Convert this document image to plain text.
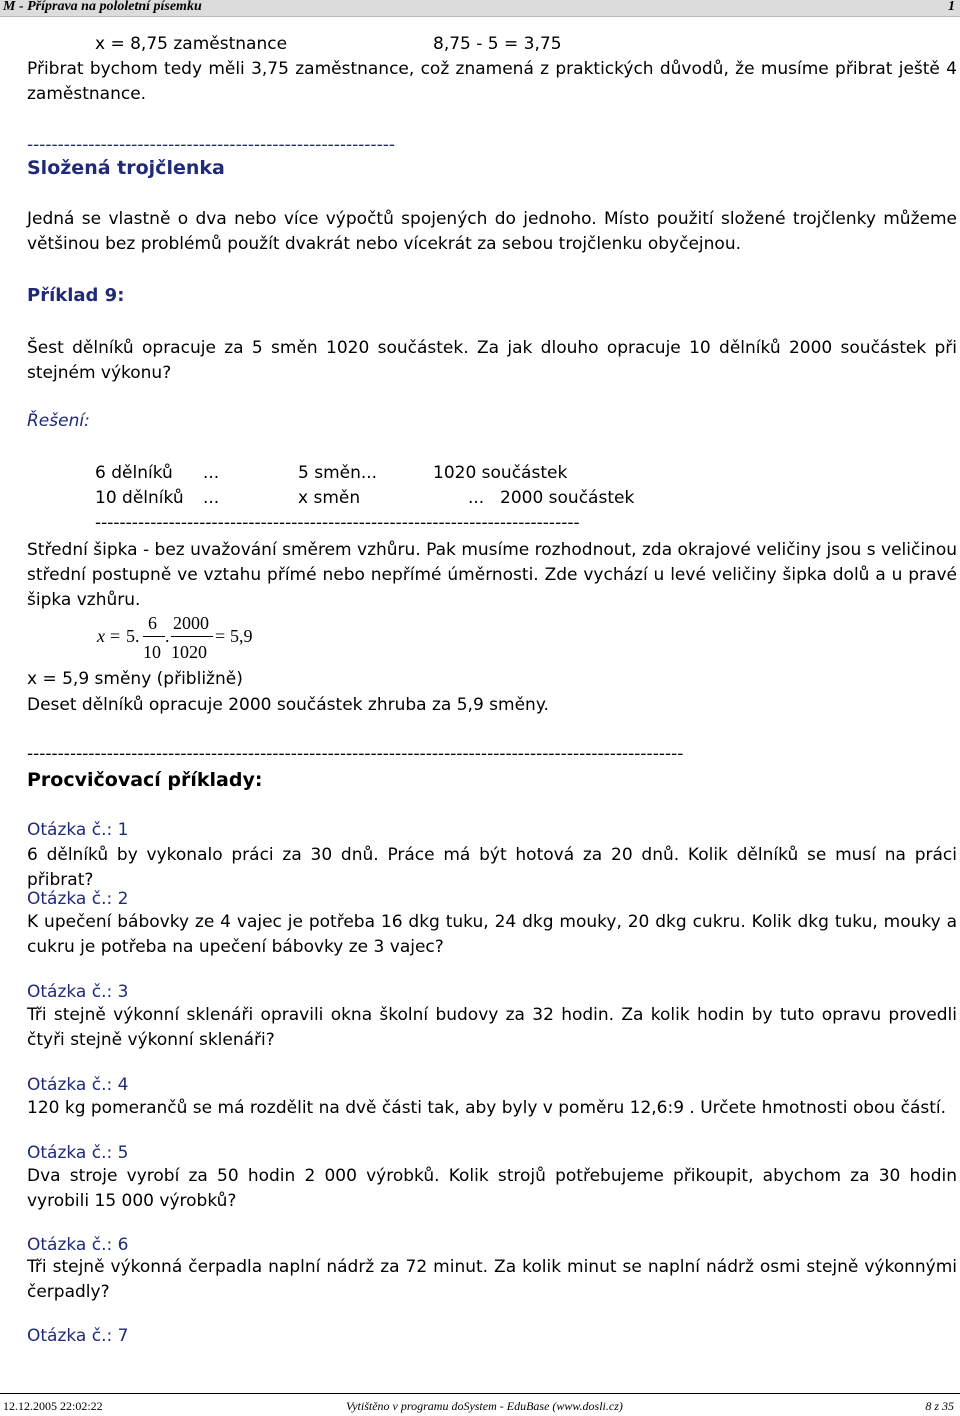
M - Příprava na pololetní písemku	1
x = 8,75 zaměstnance	8,75 - 5 = 3,75
Přibrat bychom tedy měli 3,75 zaměstnance, což znamená z praktických důvodů, že musíme přibrat ještě 4 zaměstnance.
------------------------------------------------------------
Složená trojčlenka
Jedná se vlastně o dva nebo více výpočtů spojených do jednoho. Místo použití složené trojčlenky můžeme většinou bez problémů použít dvakrát nebo vícekrát za sebou trojčlenku obyčejnou.
Příklad 9:
Šest dělníků opracuje za 5 směn 1020 součástek. Za jak dlouho opracuje 10 dělníků 2000 součástek při stejném výkonu?
Řešení:
6 dělníků ...	5 směn...	1020 součástek
10 dělníků ...	x směn	... 2000 součástek
-------------------------------------------------------------------------------
Střední šipka - bez uvažování směrem vzhůru. Pak musíme rozhodnout, zda okrajové veličiny jsou s veličinou střední postupně ve vztahu přímé nebo nepřímé úměrnosti. Zde vychází u levé veličiny šipka dolů a u pravé šipka vzhůru.
x = 5.
6
10
.
2000
1020
= 5,9
x = 5,9 směny (přibližně)
Deset dělníků opracuje 2000 součástek zhruba za 5,9 směny.
-----------------------------------------------------------------------------------------------------------
Procvičovací příklady:
Otázka č.: 1
6 dělníků by vykonalo práci za 30 dnů. Práce má být hotová za 20 dnů. Kolik dělníků se musí na práci přibrat?
Otázka č.: 2
K upečení bábovky ze 4 vajec je potřeba 16 dkg tuku, 24 dkg mouky, 20 dkg cukru. Kolik dkg tuku, mouky a cukru je potřeba na upečení bábovky ze 3 vajec?
Otázka č.: 3
Tři stejně výkonní sklenáři opravili okna školní budovy za 32 hodin. Za kolik hodin by tuto opravu provedli čtyři stejně výkonní sklenáři?
Otázka č.: 4
120 kg pomerančů se má rozdělit na dvě části tak, aby byly v poměru 12,6:9 . Určete hmotnosti obou částí.
Otázka č.: 5
Dva stroje vyrobí za 50 hodin 2 000 výrobků. Kolik strojů potřebujeme přikoupit, abychom za 30 hodin vyrobili 15 000 výrobků?
Otázka č.: 6
Tři stejně výkonná čerpadla naplní nádrž za 72 minut. Za kolik minut se naplní nádrž osmi stejně výkonnými čerpadly?
Otázka č.: 7
12.12.2005 22:02:22	Vytištěno v programu doSystem - EduBase (www.dosli.cz)	8 z 35
